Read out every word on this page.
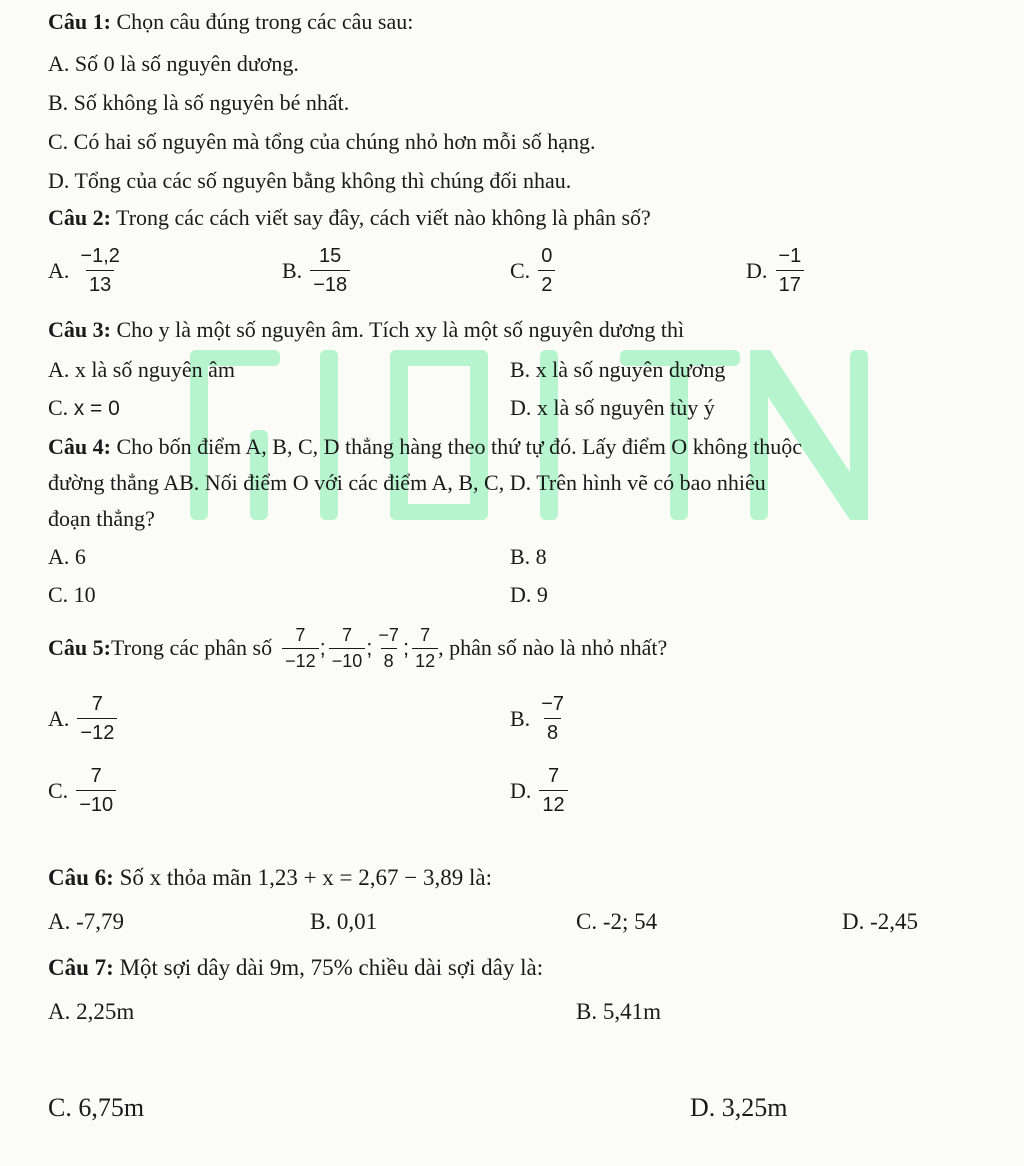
Câu 1: Chọn câu đúng trong các câu sau:
A. Số 0 là số nguyên dương.
B. Số không là số nguyên bé nhất.
C. Có hai số nguyên mà tổng của chúng nhỏ hơn mỗi số hạng.
D. Tổng của các số nguyên bằng không thì chúng đối nhau.
Câu 2: Trong các cách viết say đây, cách viết nào không là phân số?
A. $\frac{-1,2}{13}$	B. $\frac{15}{-18}$	C. $\frac{0}{2}$	D. $\frac{-1}{17}$
Câu 3: Cho y là một số nguyên âm. Tích xy là một số nguyên dương thì
A. x là số nguyên âm	B. x là số nguyên dương
C. x = 0	D. x là số nguyên tùy ý
Câu 4: Cho bốn điểm A, B, C, D thẳng hàng theo thứ tự đó. Lấy điểm O không thuộc
đường thẳng AB. Nối điểm O với các điểm A, B, C, D. Trên hình vẽ có bao nhiêu
đoạn thẳng?
A. 6	B. 8
C. 10	D. 9
Câu 5: Trong các phân số $\frac{7}{-12}$ ; $\frac{7}{-10}$ ; $\frac{-7}{8}$ ; $\frac{7}{12}$ , phân số nào là nhỏ nhất?
A. $\frac{7}{-12}$	B. $\frac{-7}{8}$
C. $\frac{7}{-10}$	D. $\frac{7}{12}$
Câu 6: Số x thỏa mãn 1,23 + x = 2,67 − 3,89 là:
A. -7,79	B. 0,01	C. -2; 54	D. -2,45
Câu 7: Một sợi dây dài 9m, 75% chiều dài sợi dây là:
A. 2,25m	B. 5,41m
C. 6,75m	D. 3,25m
